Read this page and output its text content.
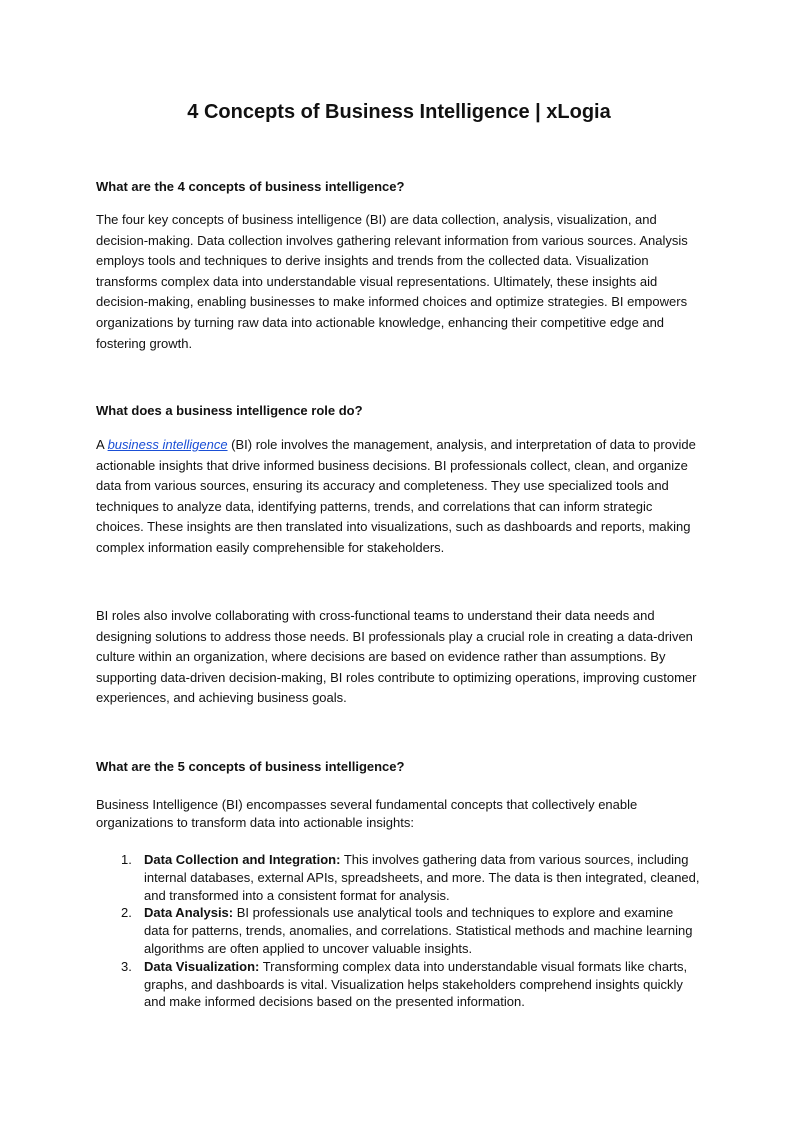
4 Concepts of Business Intelligence | xLogia
What are the 4 concepts of business intelligence?

The four key concepts of business intelligence (BI) are data collection, analysis, visualization, and decision-making. Data collection involves gathering relevant information from various sources. Analysis employs tools and techniques to derive insights and trends from the collected data. Visualization transforms complex data into understandable visual representations. Ultimately, these insights aid decision-making, enabling businesses to make informed choices and optimize strategies. BI empowers organizations by turning raw data into actionable knowledge, enhancing their competitive edge and fostering growth.

What does a business intelligence role do?

A business intelligence (BI) role involves the management, analysis, and interpretation of data to provide actionable insights that drive informed business decisions. BI professionals collect, clean, and organize data from various sources, ensuring its accuracy and completeness. They use specialized tools and techniques to analyze data, identifying patterns, trends, and correlations that can inform strategic choices. These insights are then translated into visualizations, such as dashboards and reports, making complex information easily comprehensible for stakeholders.

BI roles also involve collaborating with cross-functional teams to understand their data needs and designing solutions to address those needs. BI professionals play a crucial role in creating a data-driven culture within an organization, where decisions are based on evidence rather than assumptions. By supporting data-driven decision-making, BI roles contribute to optimizing operations, improving customer experiences, and achieving business goals.

What are the 5 concepts of business intelligence?

Business Intelligence (BI) encompasses several fundamental concepts that collectively enable organizations to transform data into actionable insights:

1. Data Collection and Integration: This involves gathering data from various sources, including internal databases, external APIs, spreadsheets, and more. The data is then integrated, cleaned, and transformed into a consistent format for analysis.
2. Data Analysis: BI professionals use analytical tools and techniques to explore and examine data for patterns, trends, anomalies, and correlations. Statistical methods and machine learning algorithms are often applied to uncover valuable insights.
3. Data Visualization: Transforming complex data into understandable visual formats like charts, graphs, and dashboards is vital. Visualization helps stakeholders comprehend insights quickly and make informed decisions based on the presented information.
